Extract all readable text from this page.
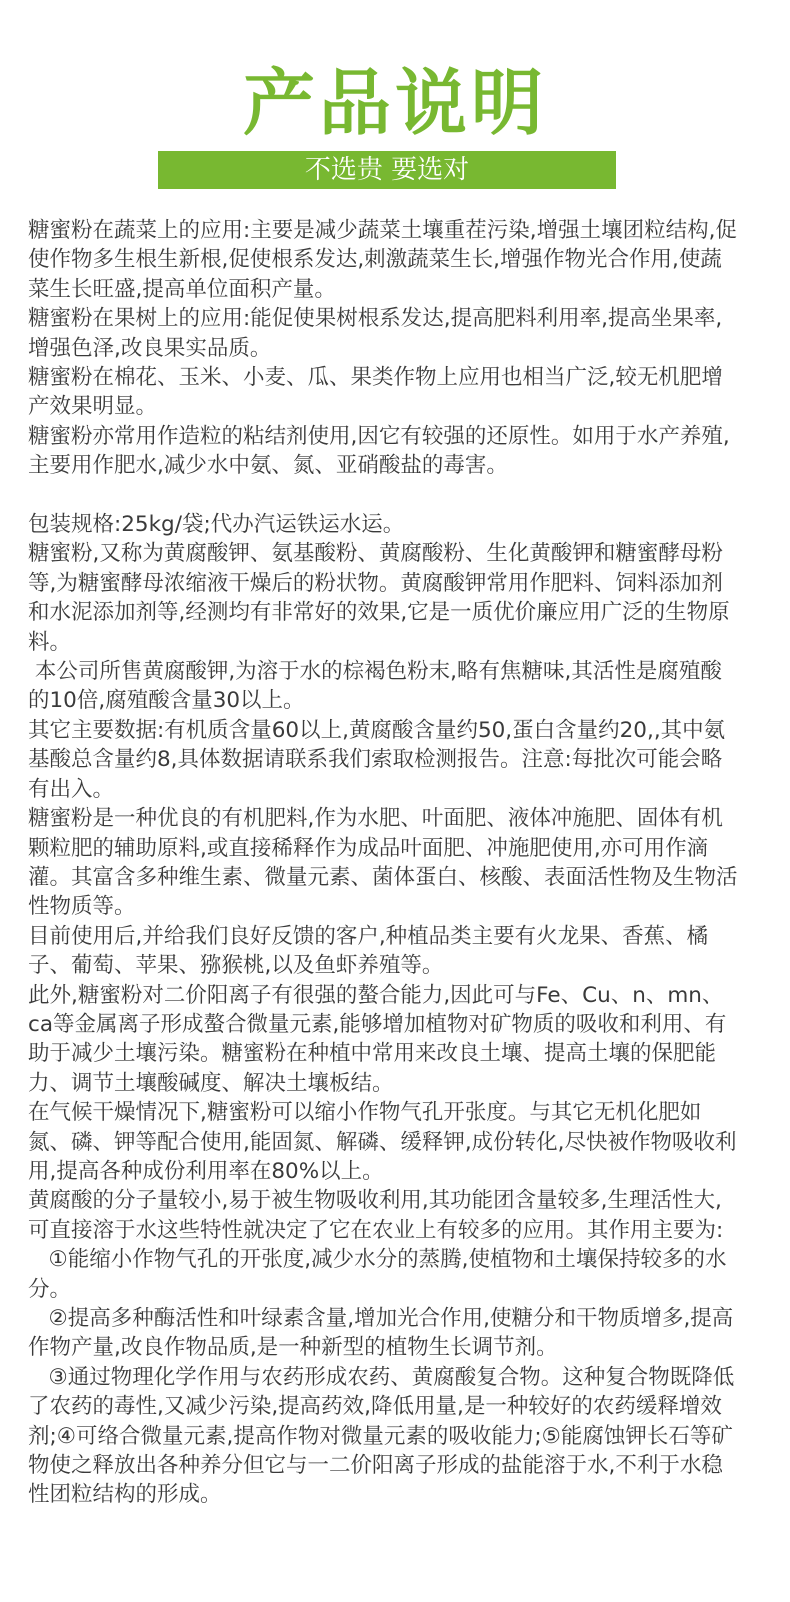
产品说明
不选贵 要选对

糖蜜粉在蔬菜上的应用:主要是减少蔬菜土壤重茬污染,增强土壤团粒结构,促使作物多生根生新根,促使根系发达,刺激蔬菜生长,增强作物光合作用,使蔬菜生长旺盛,提高单位面积产量。

糖蜜粉在果树上的应用:能促使果树根系发达,提高肥料利用率,提高坐果率,增强色泽,改良果实品质。

糖蜜粉在棉花、玉米、小麦、瓜、果类作物上应用也相当广泛,较无机肥增产效果明显。

糖蜜粉亦常用作造粒的粘结剂使用,因它有较强的还原性。如用于水产养殖,主要用作肥水,减少水中氨、氮、亚硝酸盐的毒害。

包装规格:25kg/袋;代办汽运铁运水运。

糖蜜粉,又称为黄腐酸钾、氨基酸粉、黄腐酸粉、生化黄酸钾和糖蜜酵母粉等,为糖蜜酵母浓缩液干燥后的粉状物。黄腐酸钾常用作肥料、饲料添加剂和水泥添加剂等,经测均有非常好的效果,它是一质优价廉应用广泛的生物原料。

本公司所售黄腐酸钾,为溶于水的棕褐色粉末,略有焦糖味,其活性是腐殖酸的10倍,腐殖酸含量30以上。

其它主要数据:有机质含量60以上,黄腐酸含量约50,蛋白含量约20,,其中氨基酸总含量约8,具体数据请联系我们索取检测报告。注意:每批次可能会略有出入。

糖蜜粉是一种优良的有机肥料,作为水肥、叶面肥、液体冲施肥、固体有机颗粒肥的辅助原料,或直接稀释作为成品叶面肥、冲施肥使用,亦可用作滴灌。其富含多种维生素、微量元素、菌体蛋白、核酸、表面活性物及生物活性物质等。

目前使用后,并给我们良好反馈的客户,种植品类主要有火龙果、香蕉、橘子、葡萄、苹果、猕猴桃,以及鱼虾养殖等。

此外,糖蜜粉对二价阳离子有很强的螯合能力,因此可与Fe、Cu、n、mn、ca等金属离子形成螯合微量元素,能够增加植物对矿物质的吸收和利用、有助于减少土壤污染。糖蜜粉在种植中常用来改良土壤、提高土壤的保肥能力、调节土壤酸碱度、解决土壤板结。

在气候干燥情况下,糖蜜粉可以缩小作物气孔开张度。与其它无机化肥如氮、磷、钾等配合使用,能固氮、解磷、缓释钾,成份转化,尽快被作物吸收利用,提高各种成份利用率在80%以上。

黄腐酸的分子量较小,易于被生物吸收利用,其功能团含量较多,生理活性大,可直接溶于水这些特性就决定了它在农业上有较多的应用。其作用主要为:

①能缩小作物气孔的开张度,减少水分的蒸腾,使植物和土壤保持较多的水分。

②提高多种酶活性和叶绿素含量,增加光合作用,使糖分和干物质增多,提高作物产量,改良作物品质,是一种新型的植物生长调节剂。

③通过物理化学作用与农药形成农药、黄腐酸复合物。这种复合物既降低了农药的毒性,又减少污染,提高药效,降低用量,是一种较好的农药缓释增效剂;④可络合微量元素,提高作物对微量元素的吸收能力;⑤能腐蚀钾长石等矿物使之释放出各种养分但它与一二价阳离子形成的盐能溶于水,不利于水稳性团粒结构的形成。
